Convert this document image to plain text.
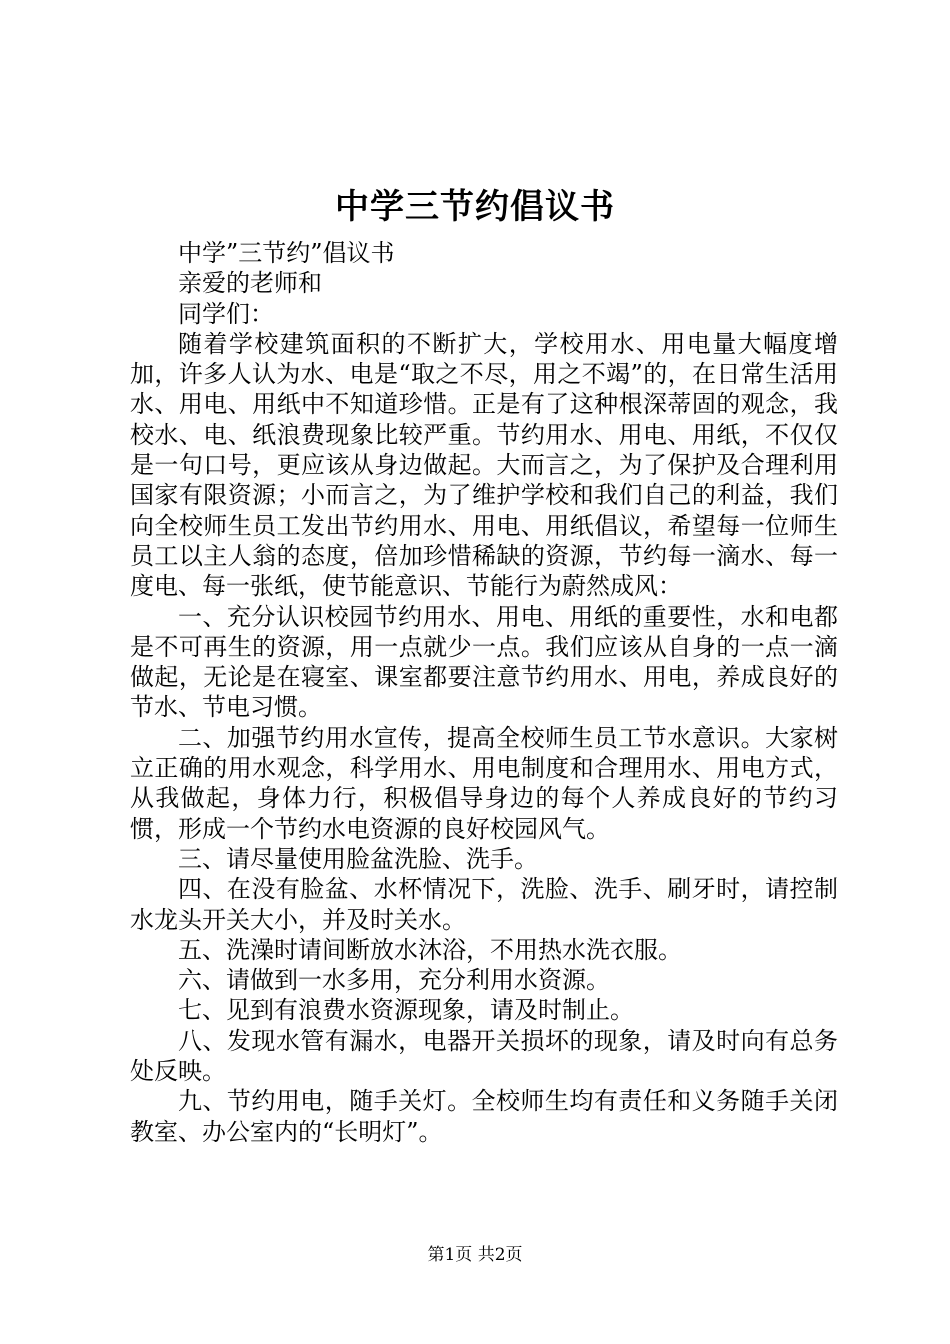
中学三节约倡议书

中学”三节约”倡议书

亲爱的老师和

同学们：

随着学校建筑面积的不断扩大，学校用水、用电量大幅度增加，许多人认为水、电是“取之不尽，用之不竭”的，在日常生活用水、用电、用纸中不知道珍惜。正是有了这种根深蒂固的观念，我校水、电、纸浪费现象比较严重。节约用水、用电、用纸，不仅仅是一句口号，更应该从身边做起。大而言之，为了保护及合理利用国家有限资源；小而言之，为了维护学校和我们自己的利益，我们向全校师生员工发出节约用水、用电、用纸倡议，希望每一位师生员工以主人翁的态度，倍加珍惜稀缺的资源，节约每一滴水、每一度电、每一张纸，使节能意识、节能行为蔚然成风：

一、充分认识校园节约用水、用电、用纸的重要性，水和电都是不可再生的资源，用一点就少一点。我们应该从自身的一点一滴做起，无论是在寝室、课室都要注意节约用水、用电，养成良好的节水、节电习惯。

二、加强节约用水宣传，提高全校师生员工节水意识。大家树立正确的用水观念，科学用水、用电制度和合理用水、用电方式，从我做起，身体力行，积极倡导身边的每个人养成良好的节约习惯，形成一个节约水电资源的良好校园风气。

三、请尽量使用脸盆洗脸、洗手。

四、在没有脸盆、水杯情况下，洗脸、洗手、刷牙时，请控制水龙头开关大小，并及时关水。

五、洗澡时请间断放水沐浴，不用热水洗衣服。

六、请做到一水多用，充分利用水资源。

七、见到有浪费水资源现象，请及时制止。

八、发现水管有漏水，电器开关损坏的现象，请及时向有总务处反映。

九、节约用电，随手关灯。全校师生均有责任和义务随手关闭教室、办公室内的“长明灯”。

第1页 共2页
